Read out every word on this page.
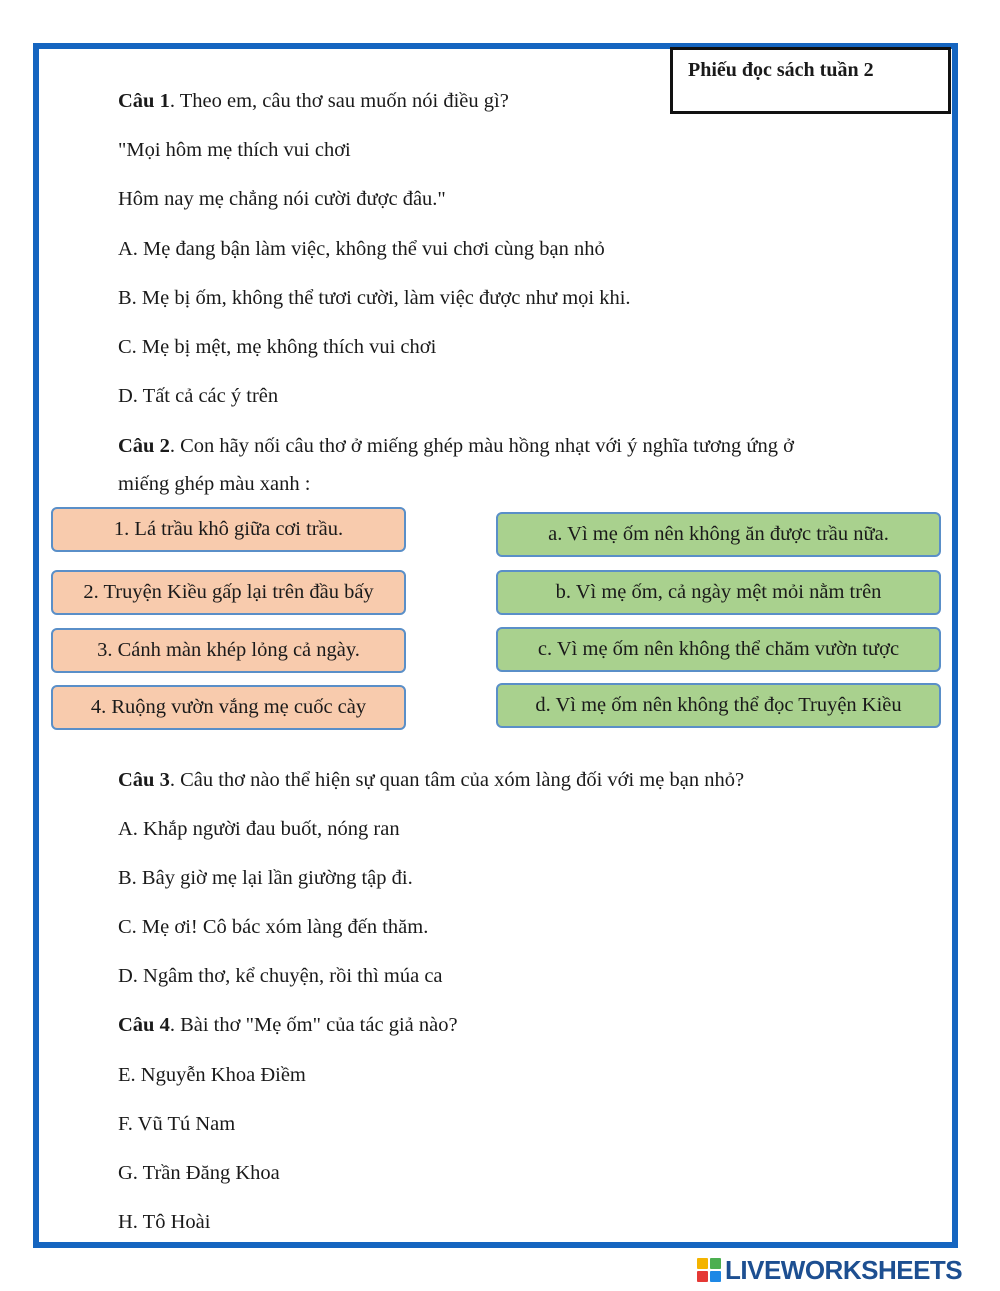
Phiếu đọc sách tuần 2
Câu 1. Theo em, câu thơ sau muốn nói điều gì?
"Mọi hôm mẹ thích vui chơi
Hôm nay mẹ chẳng nói cười được đâu."
A. Mẹ đang bận làm việc, không thể vui chơi cùng bạn nhỏ
B. Mẹ bị ốm, không thể tươi cười, làm việc được như mọi khi.
C. Mẹ bị mệt, mẹ không thích vui chơi
D. Tất cả các ý trên
Câu 2. Con hãy nối câu thơ ở miếng ghép màu hồng nhạt với ý nghĩa tương ứng ở
miếng ghép màu xanh :
1. Lá trầu khô giữa cơi trầu.
2. Truyện Kiều gấp lại trên đầu bấy
3. Cánh màn khép lỏng cả ngày.
4. Ruộng vườn vắng mẹ cuốc cày
a. Vì mẹ ốm nên không ăn được trầu nữa.
b. Vì mẹ ốm, cả ngày mệt mỏi nằm trên
c. Vì mẹ ốm nên không thể chăm vườn tược
d. Vì mẹ ốm nên không thể đọc Truyện Kiều
Câu 3. Câu thơ nào thể hiện sự quan tâm của xóm làng đối với mẹ bạn nhỏ?
A. Khắp người đau buốt, nóng ran
B. Bây giờ mẹ lại lần giường tập đi.
C. Mẹ ơi! Cô bác xóm làng đến thăm.
D. Ngâm thơ, kể chuyện, rồi thì múa ca
Câu 4. Bài thơ "Mẹ ốm" của tác giả nào?
E. Nguyễn Khoa Điềm
F. Vũ Tú Nam
G. Trần Đăng Khoa
H. Tô Hoài
LIVEWORKSHEETS
